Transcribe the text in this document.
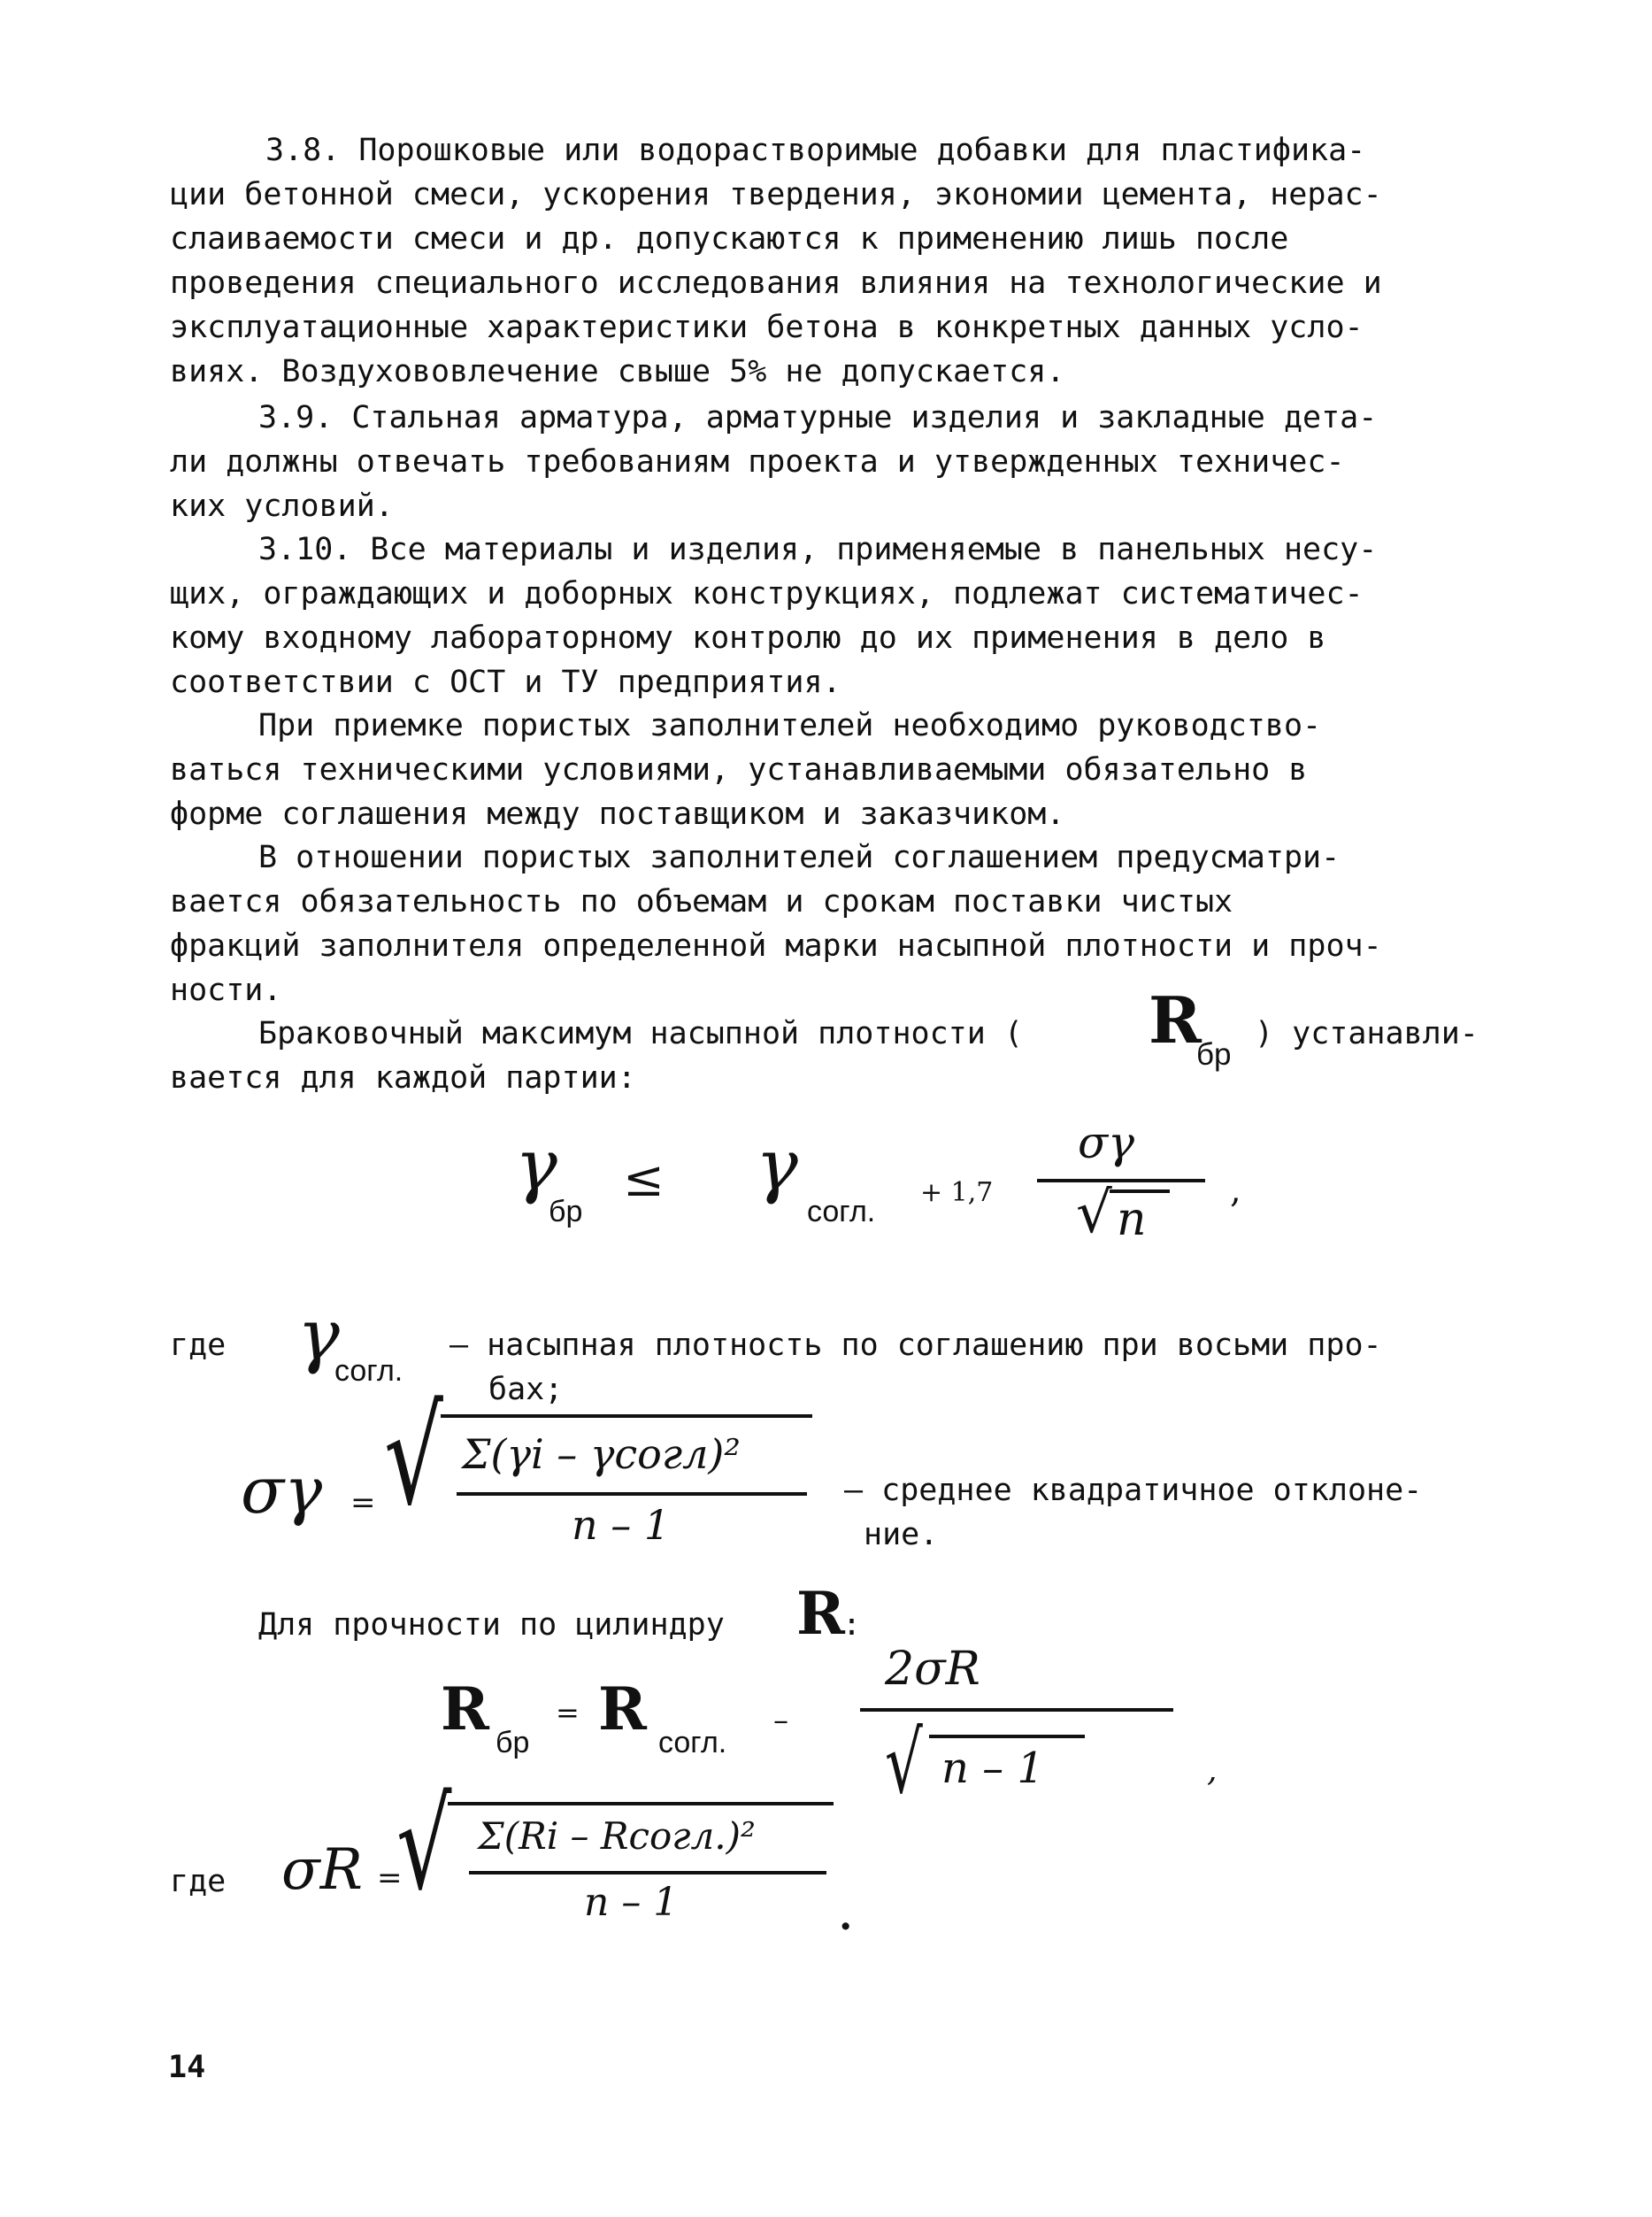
3.8. Порошковые или водорастворимые добавки для пластифика-
ции бетонной смеси, ускорения твердения, экономии цемента, нерас-
слаиваемости смеси и др. допускаются к применению лишь после
проведения специального исследования влияния на технологические и
эксплуатационные характеристики бетона в конкретных данных усло-
виях. Воздухововлечение свыше 5% не допускается.
3.9. Стальная арматура, арматурные изделия и закладные дета-
ли должны отвечать требованиям проекта и утвержденных техничес-
ких условий.
3.10. Все материалы и изделия, применяемые в панельных несу-
щих, ограждающих и доборных конструкциях, подлежат систематичес-
кому входному лабораторному контролю до их применения в дело в
соответствии с ОСТ и ТУ предприятия.
При приемке пористых заполнителей необходимо руководство-
ваться техническими условиями, устанавливаемыми обязательно в
форме соглашения между поставщиком и заказчиком.
В отношении пористых заполнителей соглашением предусматри-
вается обязательность по объемам и срокам поставки чистых
фракций заполнителя определенной марки насыпной плотности и проч-
ности.
Браковочный максимум насыпной плотности ( R
бр
) устанавли-
вается для каждой партии:
γ
бр
≤ γ
согл.
+ 1,7
σγ
√ n
,
где γ
согл.
– насыпная плотность по соглашению при восьми про-
бах;
σγ = √ Σ(γi – γсогл)²
n – 1
– среднее квадратичное отклоне-
ние.
Для прочности по цилиндру R
:
R бр
= R согл.
–
2σR
√ n – 1	,
где σR =
√ Σ(Ri – Rсогл.)²
n – 1	.
14
